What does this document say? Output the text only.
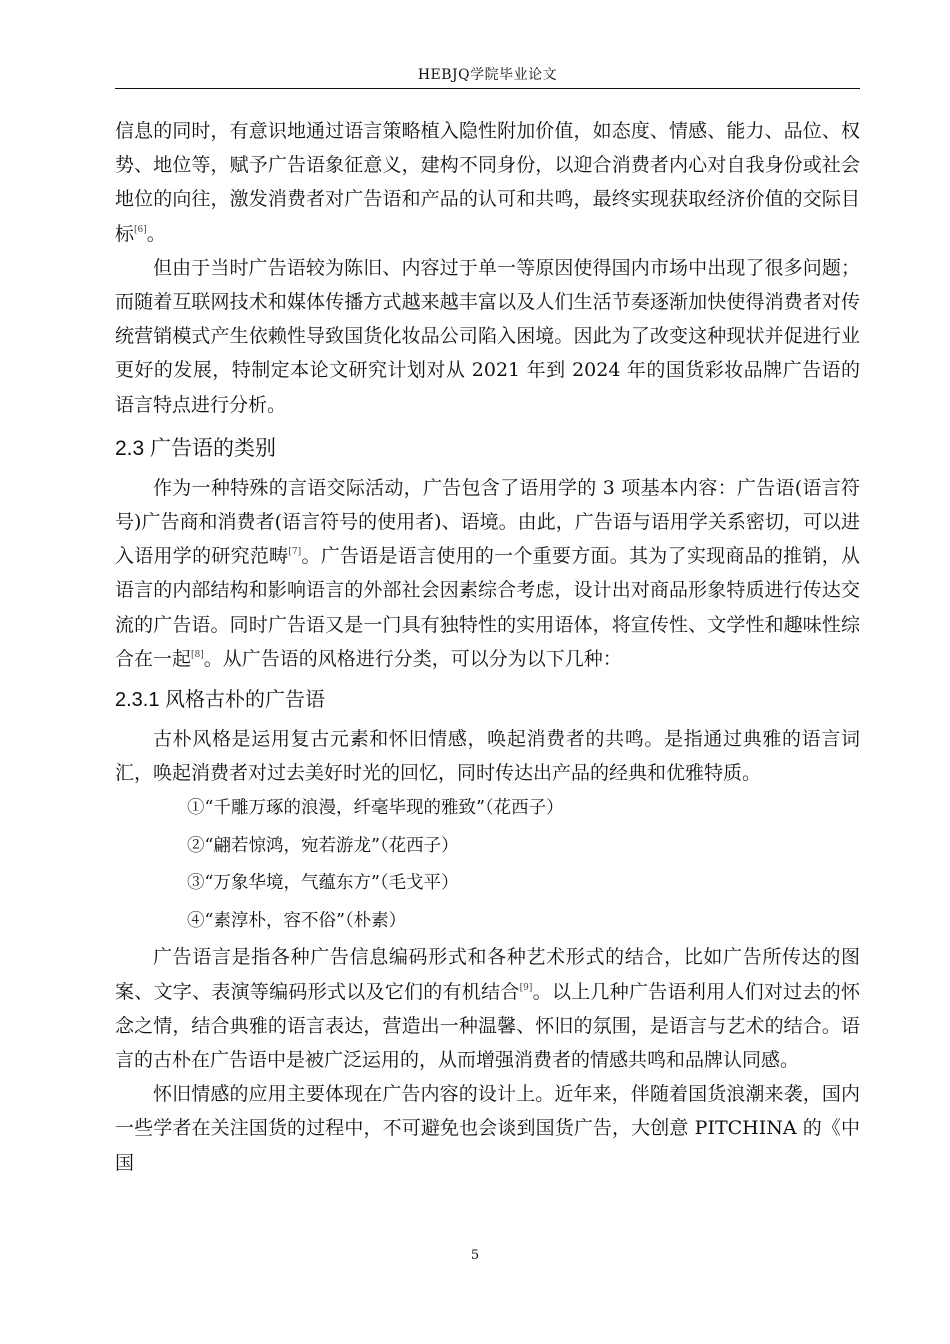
HEBJQ学院毕业论文

信息的同时，有意识地通过语言策略植入隐性附加价值，如态度、情感、能力、品位、权势、地位等，赋予广告语象征意义，建构不同身份，以迎合消费者内心对自我身份或社会地位的向往，激发消费者对广告语和产品的认可和共鸣，最终实现获取经济价值的交际目标[6]。

但由于当时广告语较为陈旧、内容过于单一等原因使得国内市场中出现了很多问题；而随着互联网技术和媒体传播方式越来越丰富以及人们生活节奏逐渐加快使得消费者对传统营销模式产生依赖性导致国货化妆品公司陷入困境。因此为了改变这种现状并促进行业更好的发展，特制定本论文研究计划对从 2021 年到 2024 年的国货彩妆品牌广告语的语言特点进行分析。

2.3 广告语的类别

作为一种特殊的言语交际活动，广告包含了语用学的 3 项基本内容：广告语(语言符号)广告商和消费者(语言符号的使用者)、语境。由此，广告语与语用学关系密切，可以进入语用学的研究范畴[7]。广告语是语言使用的一个重要方面。其为了实现商品的推销，从语言的内部结构和影响语言的外部社会因素综合考虑，设计出对商品形象特质进行传达交流的广告语。同时广告语又是一门具有独特性的实用语体，将宣传性、文学性和趣味性综合在一起[8]。从广告语的风格进行分类，可以分为以下几种：

2.3.1 风格古朴的广告语

古朴风格是运用复古元素和怀旧情感，唤起消费者的共鸣。是指通过典雅的语言词汇，唤起消费者对过去美好时光的回忆，同时传达出产品的经典和优雅特质。

①“千雕万琢的浪漫，纤毫毕现的雅致”（花西子）

②“翩若惊鸿，宛若游龙”（花西子）

③“万象华境，气蕴东方”（毛戈平）

④“素淳朴，容不俗”（朴素）

广告语言是指各种广告信息编码形式和各种艺术形式的结合，比如广告所传达的图案、文字、表演等编码形式以及它们的有机结合[9]。以上几种广告语利用人们对过去的怀念之情，结合典雅的语言表达，营造出一种温馨、怀旧的氛围，是语言与艺术的结合。语言的古朴在广告语中是被广泛运用的，从而增强消费者的情感共鸣和品牌认同感。

怀旧情感的应用主要体现在广告内容的设计上。近年来，伴随着国货浪潮来袭，国内一些学者在关注国货的过程中，不可避免也会谈到国货广告，大创意 PITCHINA 的《中国

5
